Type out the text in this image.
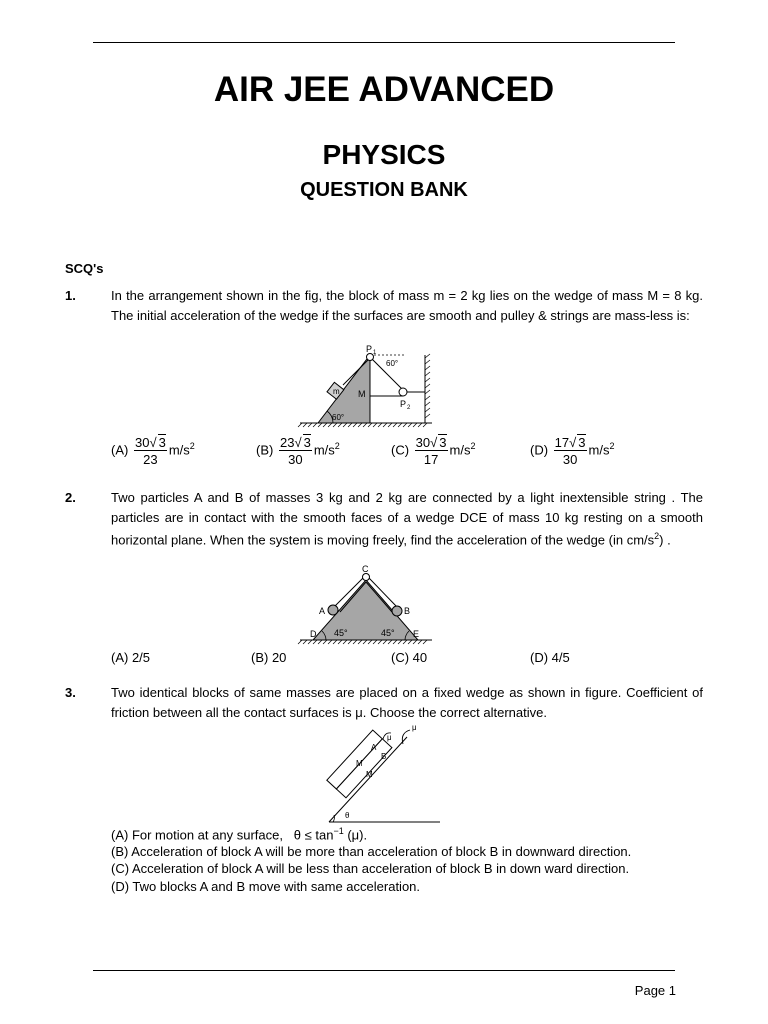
AIR JEE ADVANCED
PHYSICS
QUESTION BANK
SCQ's
1.	In the arrangement shown in the fig, the block of mass m = 2 kg lies on the wedge of mass M = 8 kg. The initial acceleration of the wedge if the surfaces are smooth and pulley & strings are mass-less is:
P 1
P 2
60°
60°
m M
$(A) \frac{30√ 3}{23} m/s^2$	$(B) \frac{23√ 3}{30} m/s^2$	$(C) \frac{30√ 3}{17} m/s^2$	$(D) \frac{17√ 3}{30} m/s^2$
2.	Two particles A and B of masses 3 kg and 2 kg are connected by a light inextensible string . The particles are in contact with the smooth faces of a wedge DCE of mass 10 kg resting on a smooth horizontal plane. When the system is moving freely, find the acceleration of the wedge (in $cm/s^2$) .
C
A	B
D	E
45°	45°
(A) 2/5	(B) 20	(C) 40	(D) 4/5
3.	Two identical blocks of same masses are placed on a fixed wedge as shown in figure. Coefficient of friction between all the contact surfaces is μ. Choose the correct alternative.
μ
μ
A
B
M
M
θ
(A) For motion at any surface, $\theta \le \tan^{-1} (\mu)$.
(B) Acceleration of block A will be more than acceleration of block B in downward direction.
(C) Acceleration of block A will be less than acceleration of block B in down ward direction.
(D) Two blocks A and B move with same acceleration.
Page 1
